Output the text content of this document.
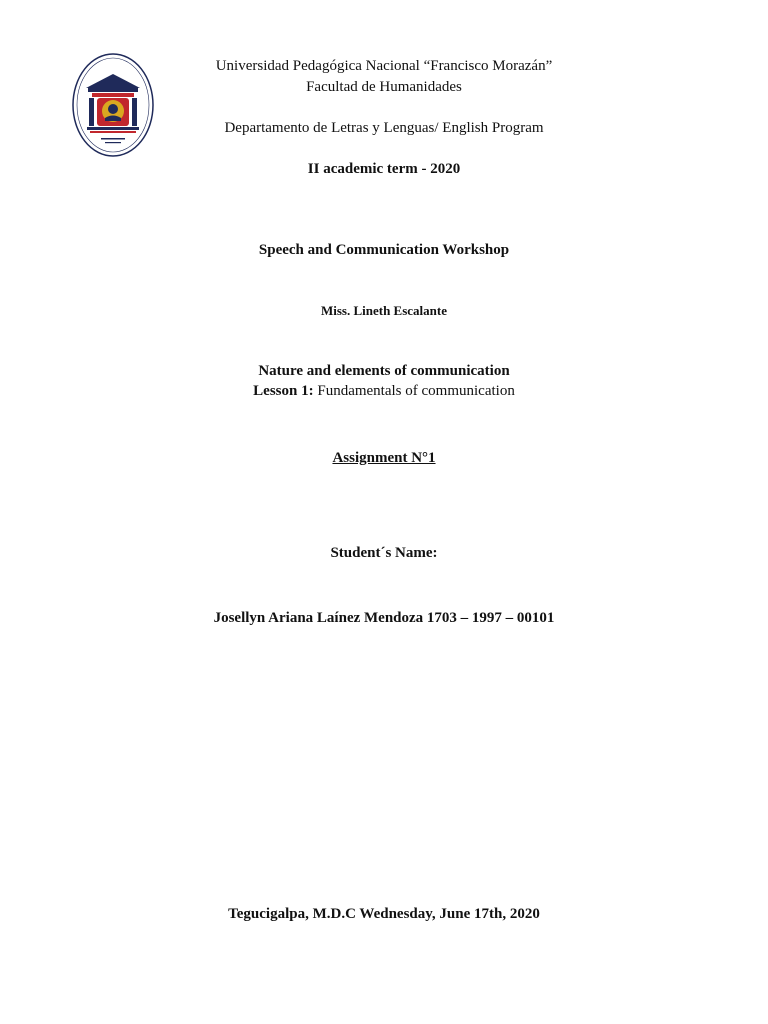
Universidad Pedagógica Nacional “Francisco Morazán”
Facultad de Humanidades
Departamento de Letras y Lenguas/ English Program
II academic term - 2020
Speech and Communication Workshop
Miss. Lineth Escalante
Nature and elements of communication
Lesson 1: Fundamentals of communication
Assignment N°1
Student´s Name:
Josellyn Ariana Laínez Mendoza 1703 – 1997 – 00101
Tegucigalpa, M.D.C Wednesday, June 17th, 2020
